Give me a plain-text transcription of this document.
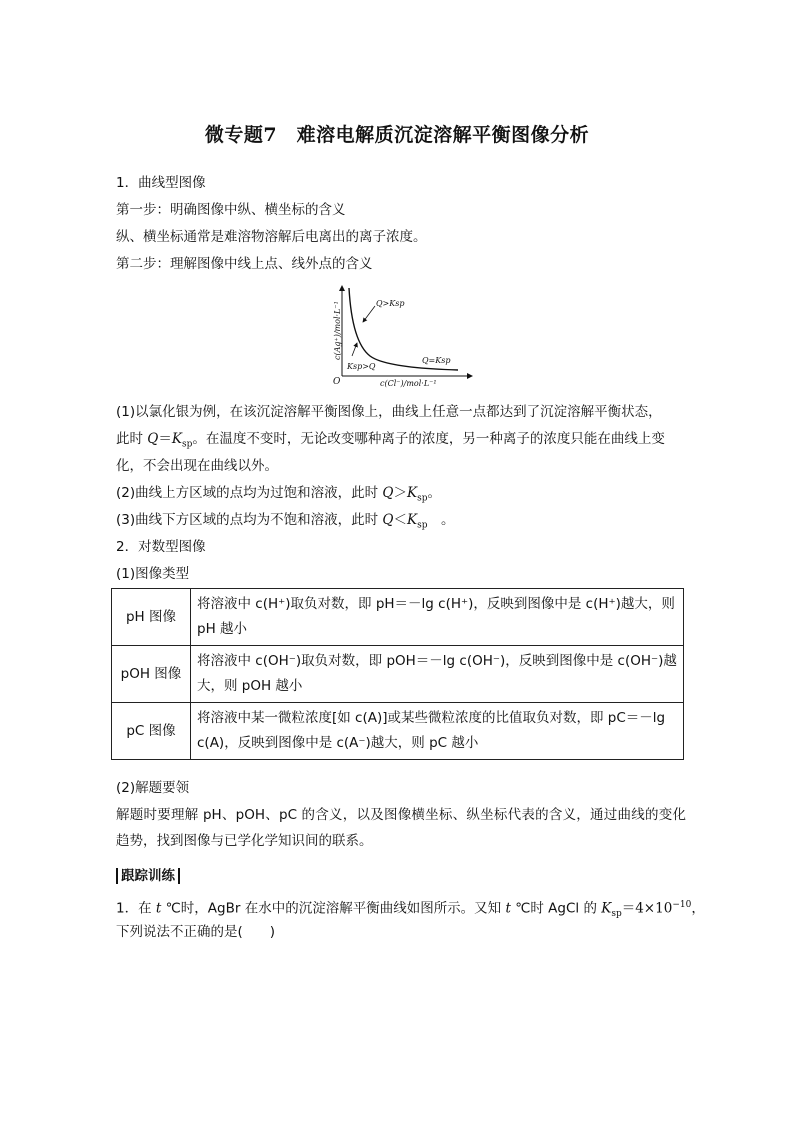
微专题7　难溶电解质沉淀溶解平衡图像分析
1．曲线型图像
第一步：明确图像中纵、横坐标的含义
纵、横坐标通常是难溶物溶解后电离出的离子浓度。
第二步：理解图像中线上点、线外点的含义
c(Ag⁺)/mol·L⁻¹
c(Cl⁻)/mol·L⁻¹
O
Q>Ksp
Q=Ksp
Ksp>Q
(1)以氯化银为例，在该沉淀溶解平衡图像上，曲线上任意一点都达到了沉淀溶解平衡状态，
此时 $Q=K_{sp}$。在温度不变时，无论改变哪种离子的浓度，另一种离子的浓度只能在曲线上变
化，不会出现在曲线以外。
(2)曲线上方区域的点均为过饱和溶液，此时 $Q>K_{sp}$。
(3)曲线下方区域的点均为不饱和溶液，此时 $Q<K_{sp}$　。
2．对数型图像
(1)图像类型
pH 图像	将溶液中 c(H⁺)取负对数，即 pH＝－lg c(H⁺)，反映到图像中是 c(H⁺)越大，则 pH 越小
pOH 图像	将溶液中 c(OH⁻)取负对数，即 pOH＝－lg c(OH⁻)，反映到图像中是 c(OH⁻)越大，则 pOH 越小
pC 图像	将溶液中某一微粒浓度[如 c(A)]或某些微粒浓度的比值取负对数，即 pC＝－lg c(A)，反映到图像中是 c(A⁻)越大，则 pC 越小
(2)解题要领
解题时要理解 pH、pOH、pC 的含义，以及图像横坐标、纵坐标代表的含义，通过曲线的变化趋势，找到图像与已学化学知识间的联系。
跟踪训练
1．在 t ℃时，AgBr 在水中的沉淀溶解平衡曲线如图所示。又知 t ℃时 AgCl 的 $K_{sp}=4\times 10^{-10}$，
下列说法不正确的是(　　)
